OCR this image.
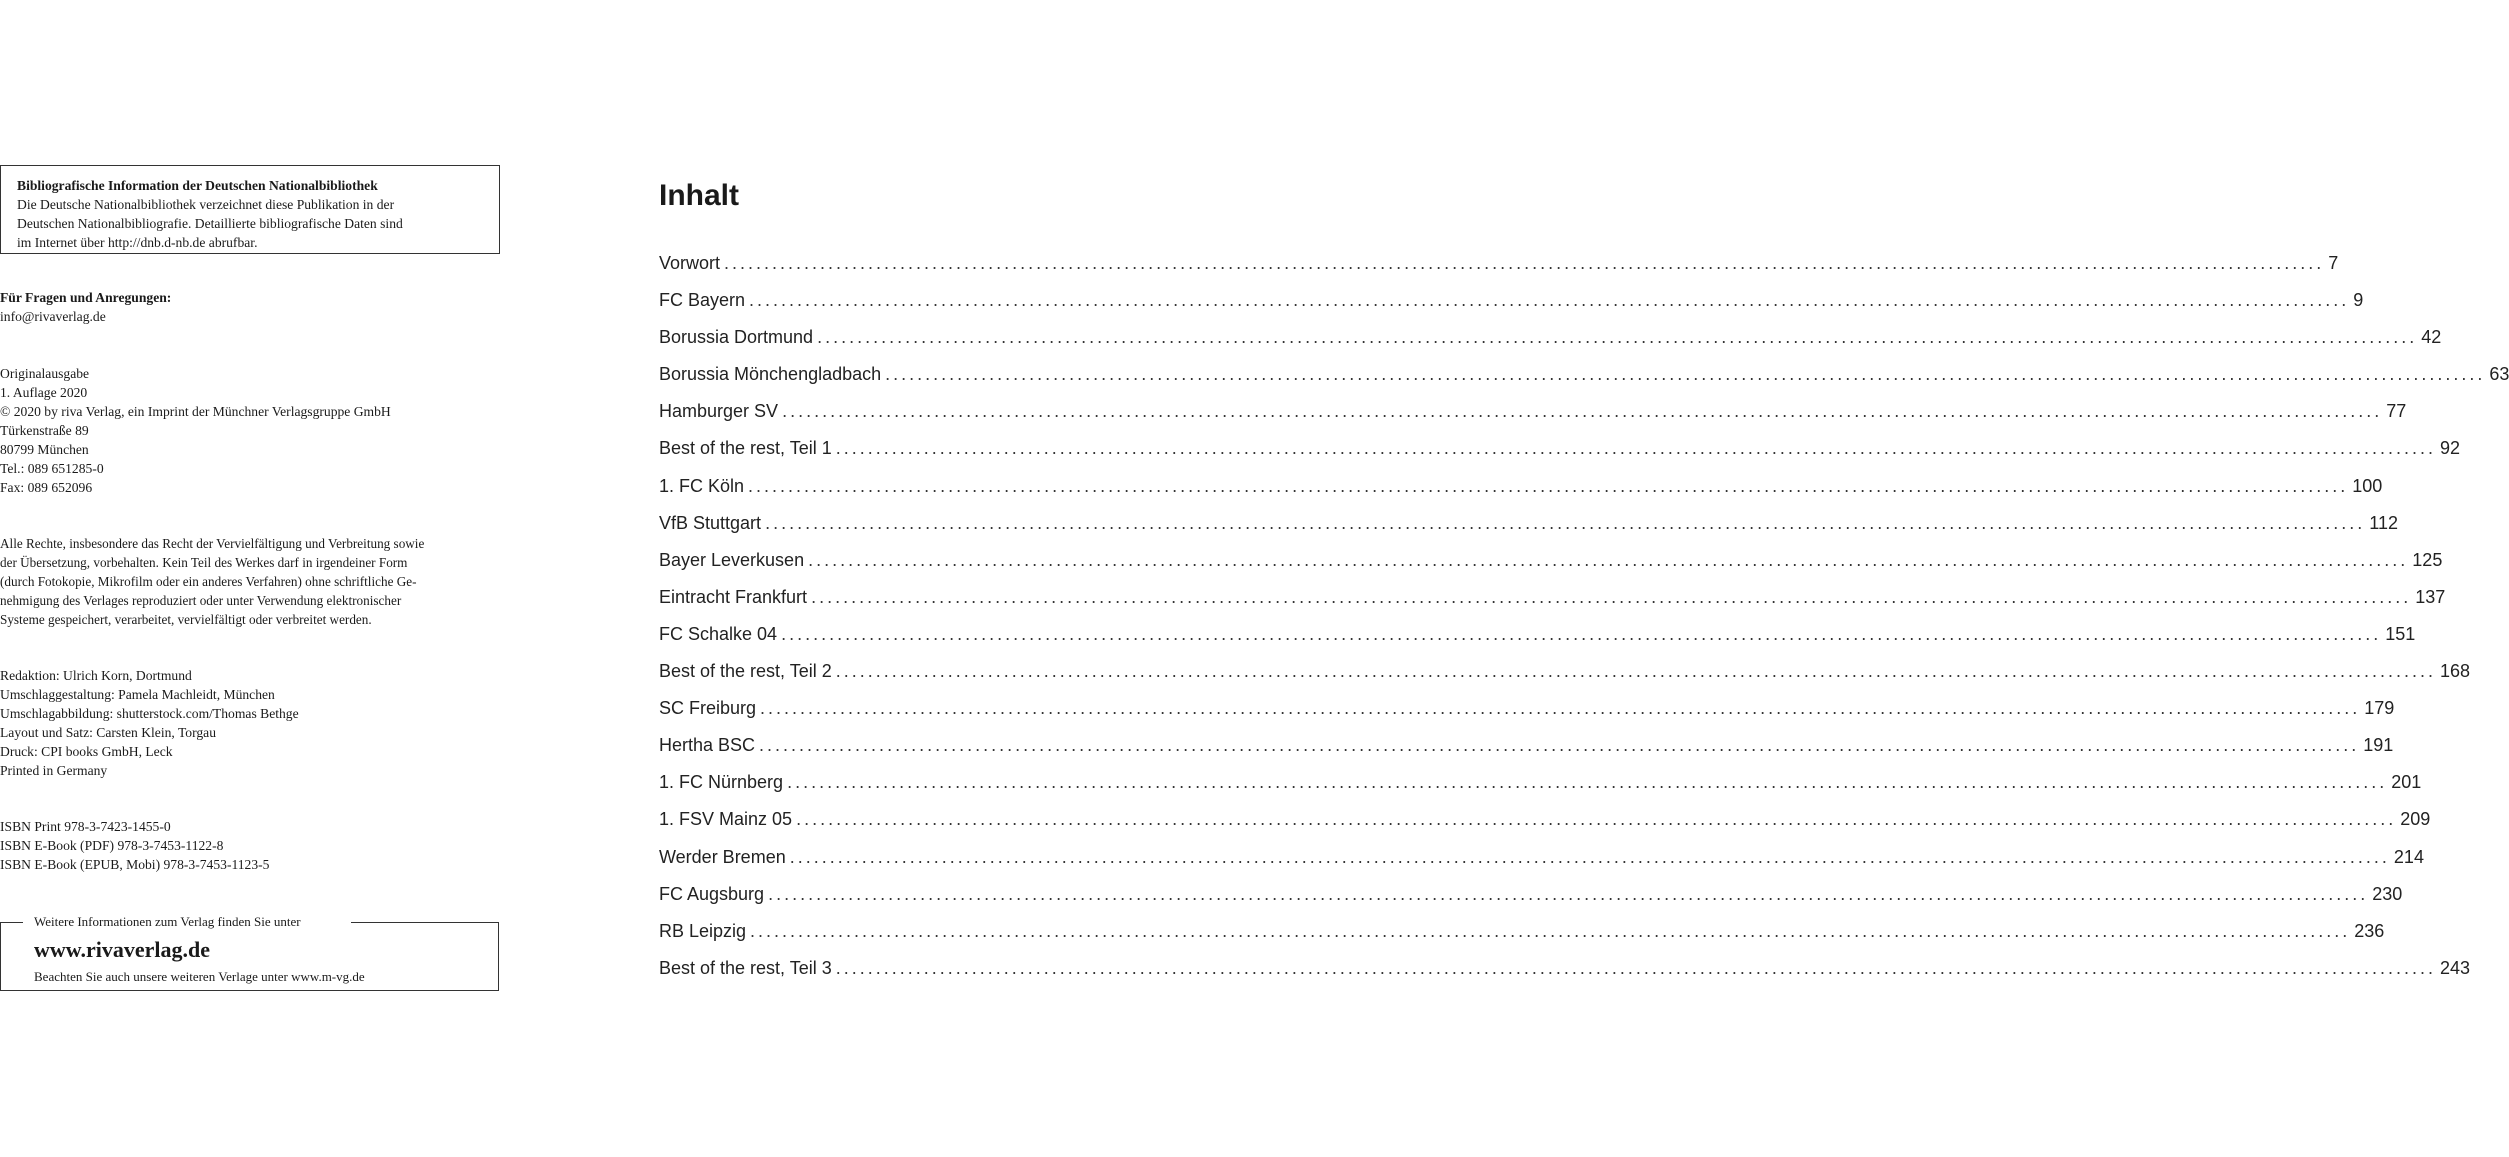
Bibliografische Information der Deutschen Nationalbibliothek
Die Deutsche Nationalbibliothek verzeichnet diese Publikation in der
Deutschen Nationalbibliografie. Detaillierte bibliografische Daten sind
im Internet über http://dnb.d-nb.de abrufbar.
Für Fragen und Anregungen:
info@rivaverlag.de
Originalausgabe
1. Auflage 2020
© 2020 by riva Verlag, ein Imprint der Münchner Verlagsgruppe GmbH
Türkenstraße 89
80799 München
Tel.: 089 651285-0
Fax: 089 652096
Alle Rechte, insbesondere das Recht der Vervielfältigung und Verbreitung sowie
der Übersetzung, vorbehalten. Kein Teil des Werkes darf in irgendeiner Form
(durch Fotokopie, Mikrofilm oder ein anderes Verfahren) ohne schriftliche Ge-
nehmigung des Verlages reproduziert oder unter Verwendung elektronischer
Systeme gespeichert, verarbeitet, vervielfältigt oder verbreitet werden.
Redaktion: Ulrich Korn, Dortmund
Umschlaggestaltung: Pamela Machleidt, München
Umschlagabbildung: shutterstock.com/Thomas Bethge
Layout und Satz: Carsten Klein, Torgau
Druck: CPI books GmbH, Leck
Printed in Germany
ISBN Print 978-3-7423-1455-0
ISBN E-Book (PDF) 978-3-7453-1122-8
ISBN E-Book (EPUB, Mobi) 978-3-7453-1123-5
Weitere Informationen zum Verlag finden Sie unter
www.rivaverlag.de
Beachten Sie auch unsere weiteren Verlage unter www.m-vg.de
Inhalt
Vorwort ........................................................................................................................................................................................................ 7
FC Bayern ........................................................................................................................................................................................................ 9
Borussia Dortmund ........................................................................................................................................................................................................ 42
Borussia Mönchengladbach ........................................................................................................................................................................................................ 63
Hamburger SV ........................................................................................................................................................................................................ 77
Best of the rest, Teil 1 ........................................................................................................................................................................................................ 92
1. FC Köln ........................................................................................................................................................................................................ 100
VfB Stuttgart ........................................................................................................................................................................................................ 112
Bayer Leverkusen ........................................................................................................................................................................................................ 125
Eintracht Frankfurt ........................................................................................................................................................................................................ 137
FC Schalke 04 ........................................................................................................................................................................................................ 151
Best of the rest, Teil 2 ........................................................................................................................................................................................................ 168
SC Freiburg ........................................................................................................................................................................................................ 179
Hertha BSC ........................................................................................................................................................................................................ 191
1. FC Nürnberg ........................................................................................................................................................................................................ 201
1. FSV Mainz 05 ........................................................................................................................................................................................................ 209
Werder Bremen ........................................................................................................................................................................................................ 214
FC Augsburg ........................................................................................................................................................................................................ 230
RB Leipzig ........................................................................................................................................................................................................ 236
Best of the rest, Teil 3 ........................................................................................................................................................................................................ 243
